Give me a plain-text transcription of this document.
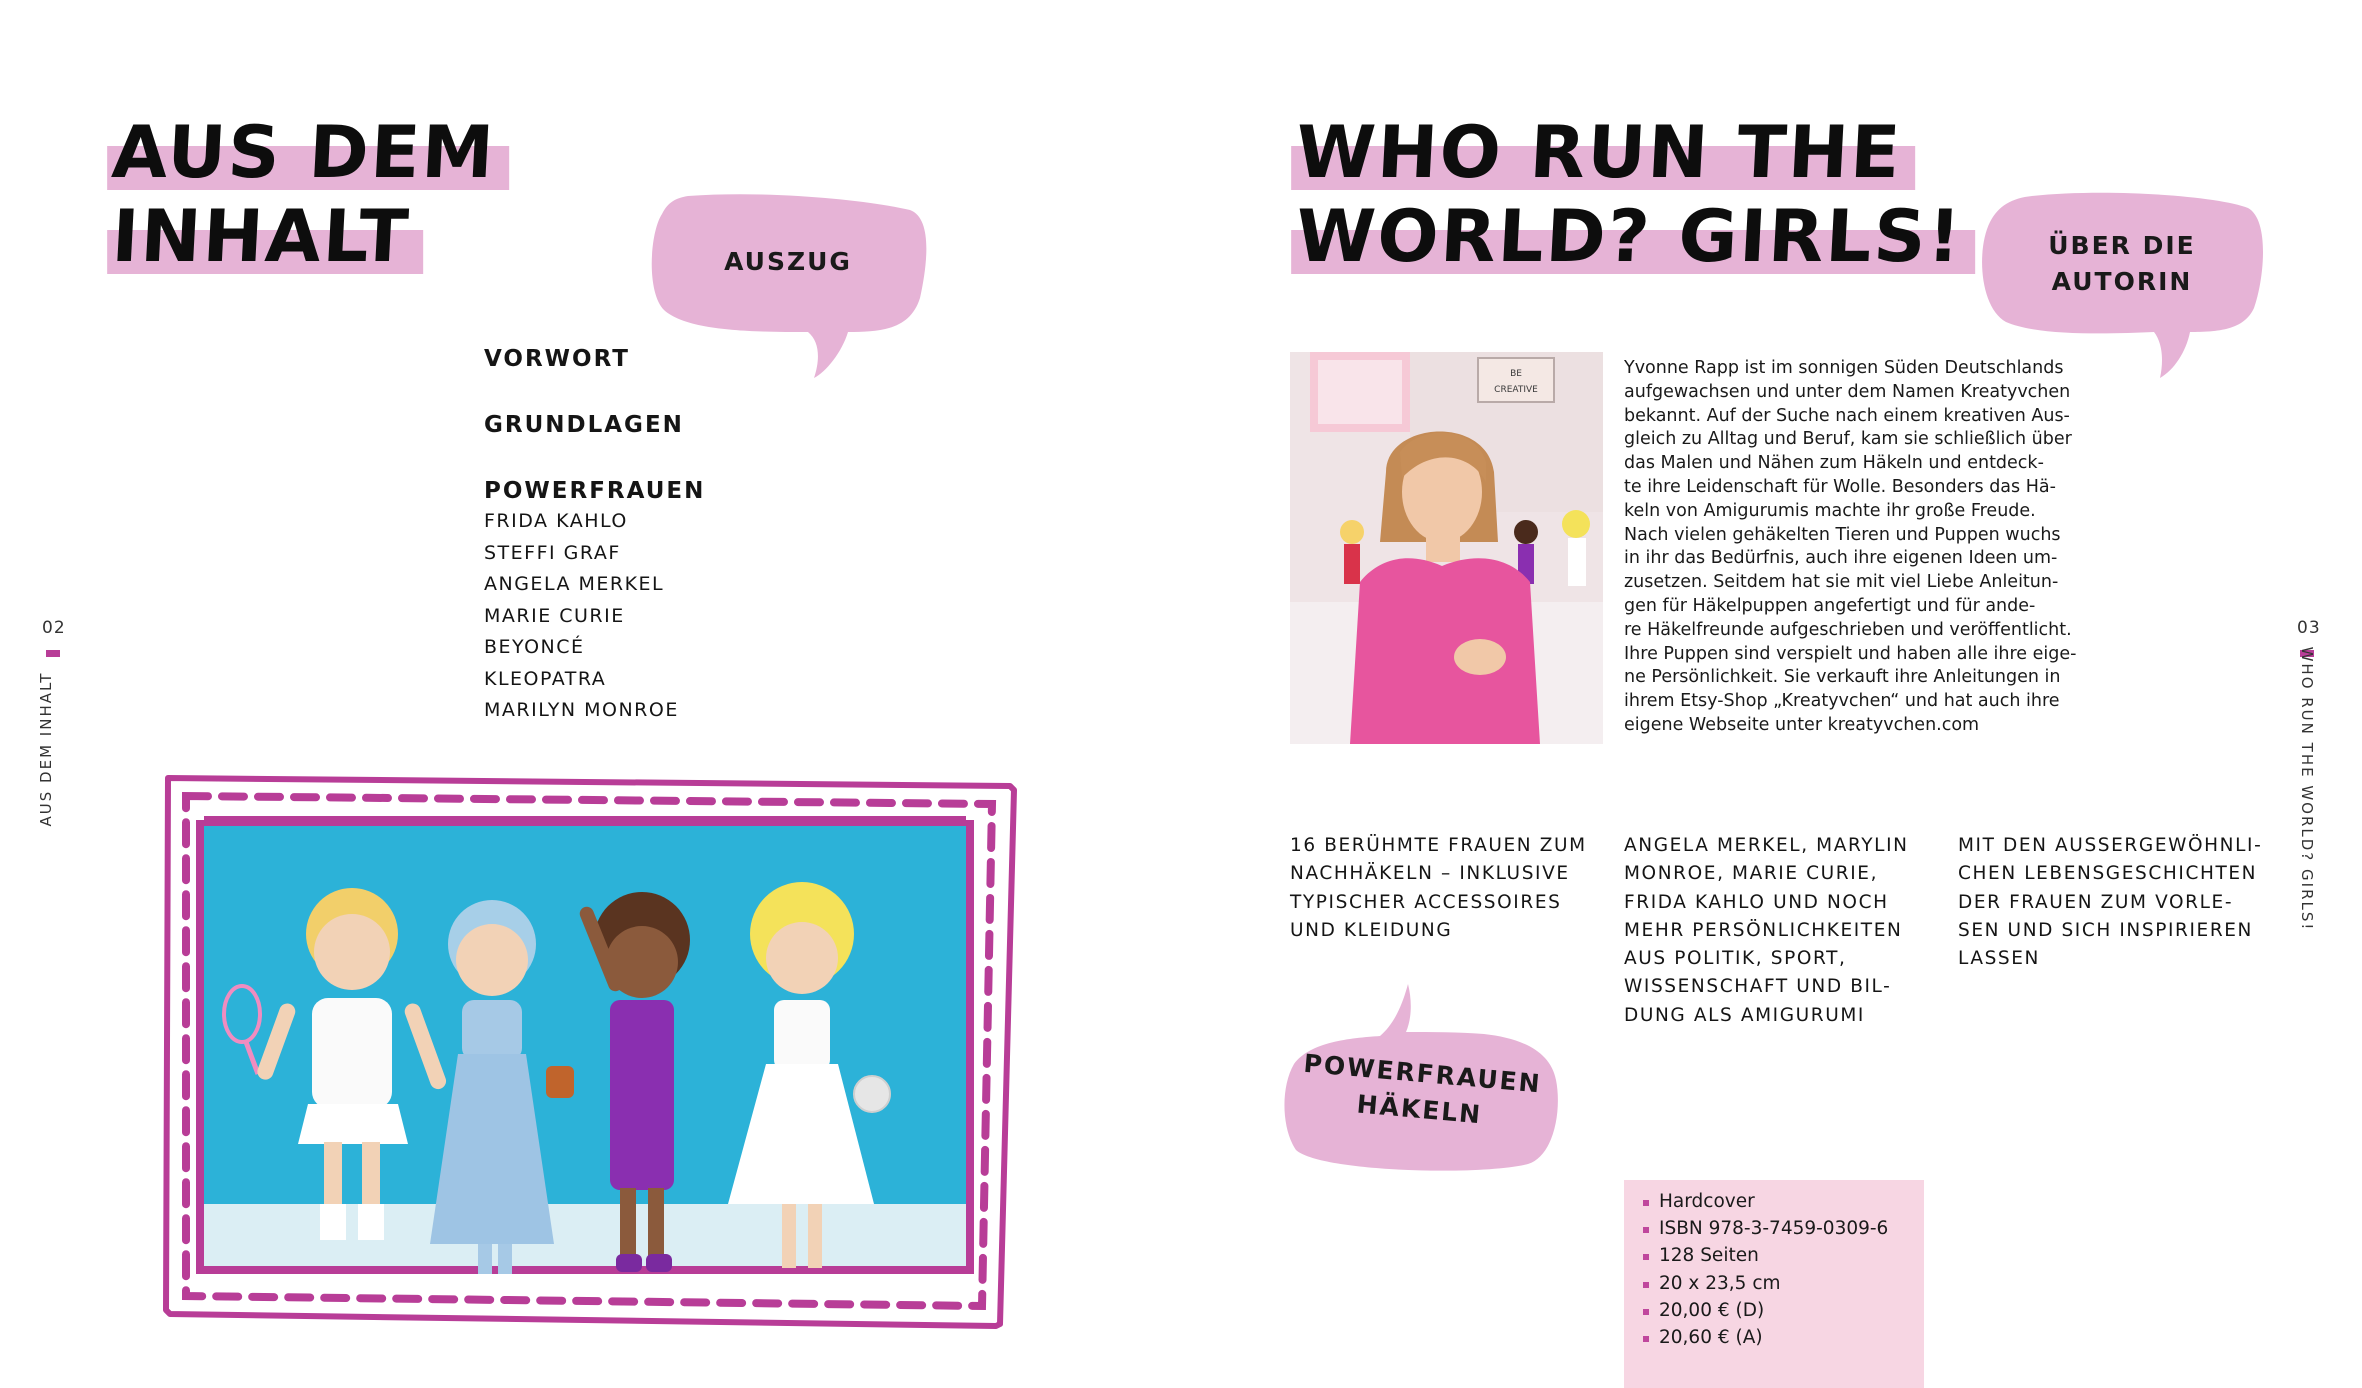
AUS DEM
INHALT	AUSZUG
VORWORT
GRUNDLAGEN
POWERFRAUEN
FRIDA KAHLO
STEFFI GRAF
ANGELA MERKEL
MARIE CURIE
BEYONCÉ
KLEOPATRA
MARILYN MONROE
02
AUS DEM INHALT
WHO RUN THE
WORLD? GIRLS!	ÜBER DIE
AUTORIN
BE
CREATIVE
Yvonne Rapp ist im sonnigen Süden Deutschlands
aufgewachsen und unter dem Namen Kreatyvchen
bekannt. Auf der Suche nach einem kreativen Aus-
gleich zu Alltag und Beruf, kam sie schließlich über
das Malen und Nähen zum Häkeln und entdeck-
te ihre Leidenschaft für Wolle. Besonders das Hä-
keln von Amigurumis machte ihr große Freude.
Nach vielen gehäkelten Tieren und Puppen wuchs
in ihr das Bedürfnis, auch ihre eigenen Ideen um-
zusetzen. Seitdem hat sie mit viel Liebe Anleitun-
gen für Häkelpuppen angefertigt und für ande-
re Häkelfreunde aufgeschrieben und veröffentlicht.
Ihre Puppen sind verspielt und haben alle ihre eige-
ne Persönlichkeit. Sie verkauft ihre Anleitungen in
ihrem Etsy-Shop „Kreatyvchen“ und hat auch ihre
eigene Webseite unter kreatyvchen.com
16 BERÜHMTE FRAUEN ZUM
NACHHÄKELN – INKLUSIVE
TYPISCHER ACCESSOIRES
UND KLEIDUNG
ANGELA MERKEL, MARYLIN
MONROE, MARIE CURIE,
FRIDA KAHLO UND NOCH
MEHR PERSÖNLICHKEITEN
AUS POLITIK, SPORT,
WISSENSCHAFT UND BIL-
DUNG ALS AMIGURUMI
MIT DEN AUSSERGEWÖHNLI-
CHEN LEBENSGESCHICHTEN
DER FRAUEN ZUM VORLE-
SEN UND SICH INSPIRIEREN
LASSEN
POWERFRAUEN
HÄKELN
Hardcover
ISBN 978-3-7459-0309-6
128 Seiten
20 x 23,5 cm
20,00 € (D)
20,60 € (A)
03
WHO RUN THE WORLD? GIRLS!
